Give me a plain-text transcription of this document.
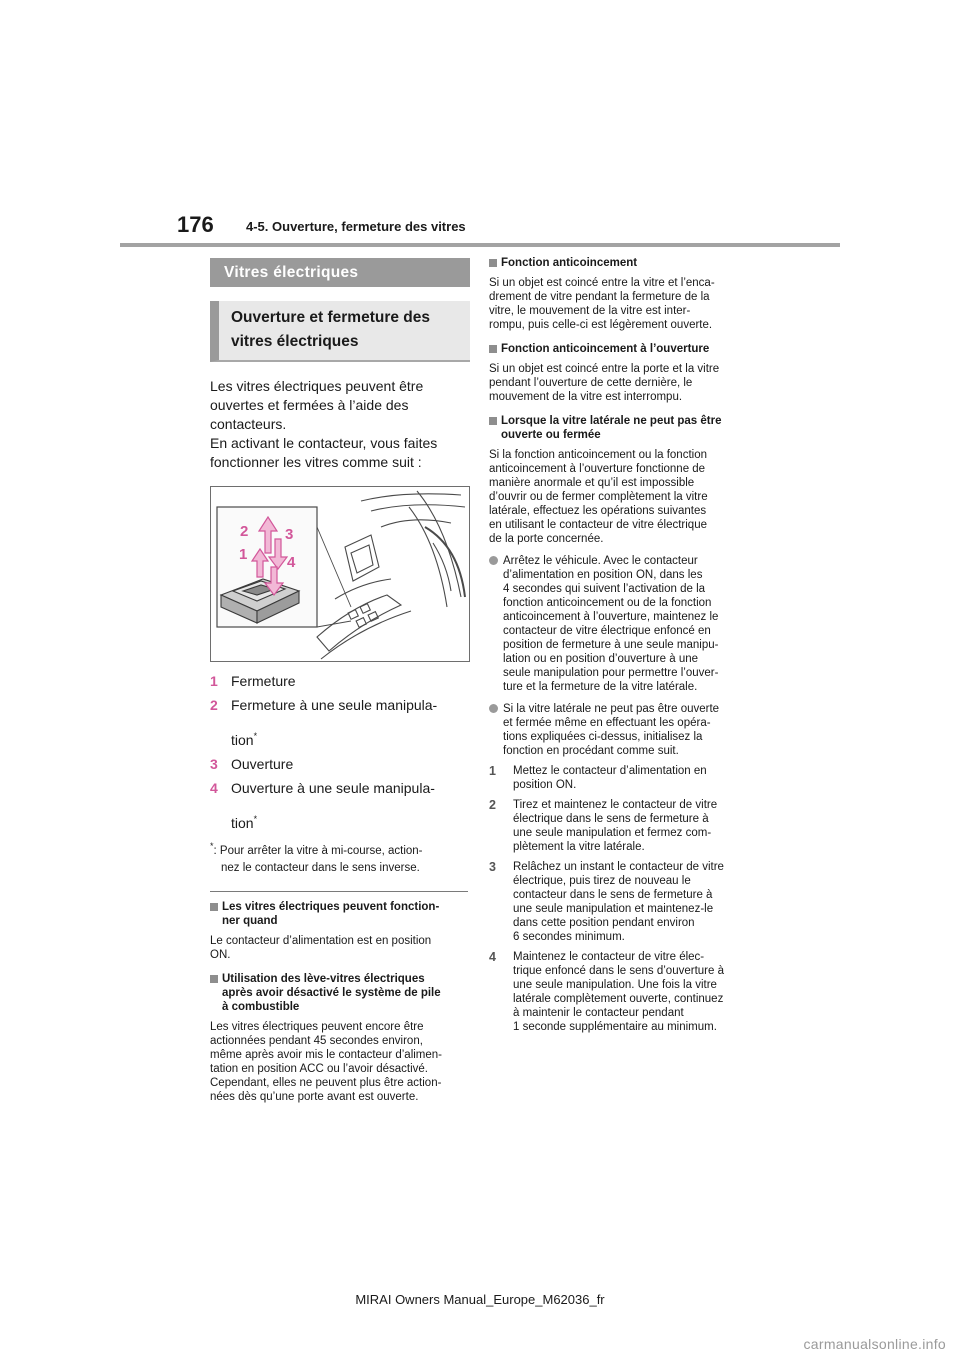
176 4-5. Ouverture, fermeture des vitres
Vitres électriques
Ouverture et fermeture des
vitres électriques

Les vitres électriques peuvent être

ouvertes et fermées à l’aide des

contacteurs.

En activant le contacteur, vous faites

fonctionner les vitres comme suit :

2 3
1	4
1 Fermeture
2 Fermeture à une seule manipula-
tion*
3 Ouverture
4 Ouverture à une seule manipula-
tion*
*: Pour arrêter la vitre à mi-course, action-
nez le contacteur dans le sens inverse.
Les vitres électriques peuvent fonction-
ner quand

Le contacteur d’alimentation est en position

ON.

Utilisation des lève-vitres électriques
après avoir désactivé le système de pile
à combustible

Les vitres électriques peuvent encore être

actionnées pendant 45 secondes environ,

même après avoir mis le contacteur d’alimen-

tation en position ACC ou l’avoir désactivé.

Cependant, elles ne peuvent plus être action-

nées dès qu’une porte avant est ouverte.

Fonction anticoincement

Si un objet est coincé entre la vitre et l’enca-

drement de vitre pendant la fermeture de la

vitre, le mouvement de la vitre est inter-

rompu, puis celle-ci est légèrement ouverte.

Fonction anticoincement à l’ouverture

Si un objet est coincé entre la porte et la vitre

pendant l’ouverture de cette dernière, le

mouvement de la vitre est interrompu.

Lorsque la vitre latérale ne peut pas être
ouverte ou fermée

Si la fonction anticoincement ou la fonction

anticoincement à l’ouverture fonctionne de

manière anormale et qu’il est impossible

d’ouvrir ou de fermer complètement la vitre

latérale, effectuez les opérations suivantes

en utilisant le contacteur de vitre électrique

de la porte concernée.

Arrêtez le véhicule. Avec le contacteur

d’alimentation en position ON, dans les

4 secondes qui suivent l’activation de la

fonction anticoincement ou de la fonction

anticoincement à l’ouverture, maintenez le

contacteur de vitre électrique enfoncé en

position de fermeture à une seule manipu-

lation ou en position d’ouverture à une

seule manipulation pour permettre l’ouver-

ture et la fermeture de la vitre latérale.

Si la vitre latérale ne peut pas être ouverte

et fermée même en effectuant les opéra-

tions expliquées ci-dessus, initialisez la

fonction en procédant comme suit.

1 Mettez le contacteur d’alimentation en

position ON.

2 Tirez et maintenez le contacteur de vitre

électrique dans le sens de fermeture à

une seule manipulation et fermez com-

plètement la vitre latérale.

3 Relâchez un instant le contacteur de vitre

électrique, puis tirez de nouveau le

contacteur dans le sens de fermeture à

une seule manipulation et maintenez-le

dans cette position pendant environ

6 secondes minimum.

4 Maintenez le contacteur de vitre élec-

trique enfoncé dans le sens d’ouverture à

une seule manipulation. Une fois la vitre

latérale complètement ouverte, continuez

à maintenir le contacteur pendant

1 seconde supplémentaire au minimum.

MIRAI Owners Manual_Europe_M62036_fr
carmanualsonline.info
